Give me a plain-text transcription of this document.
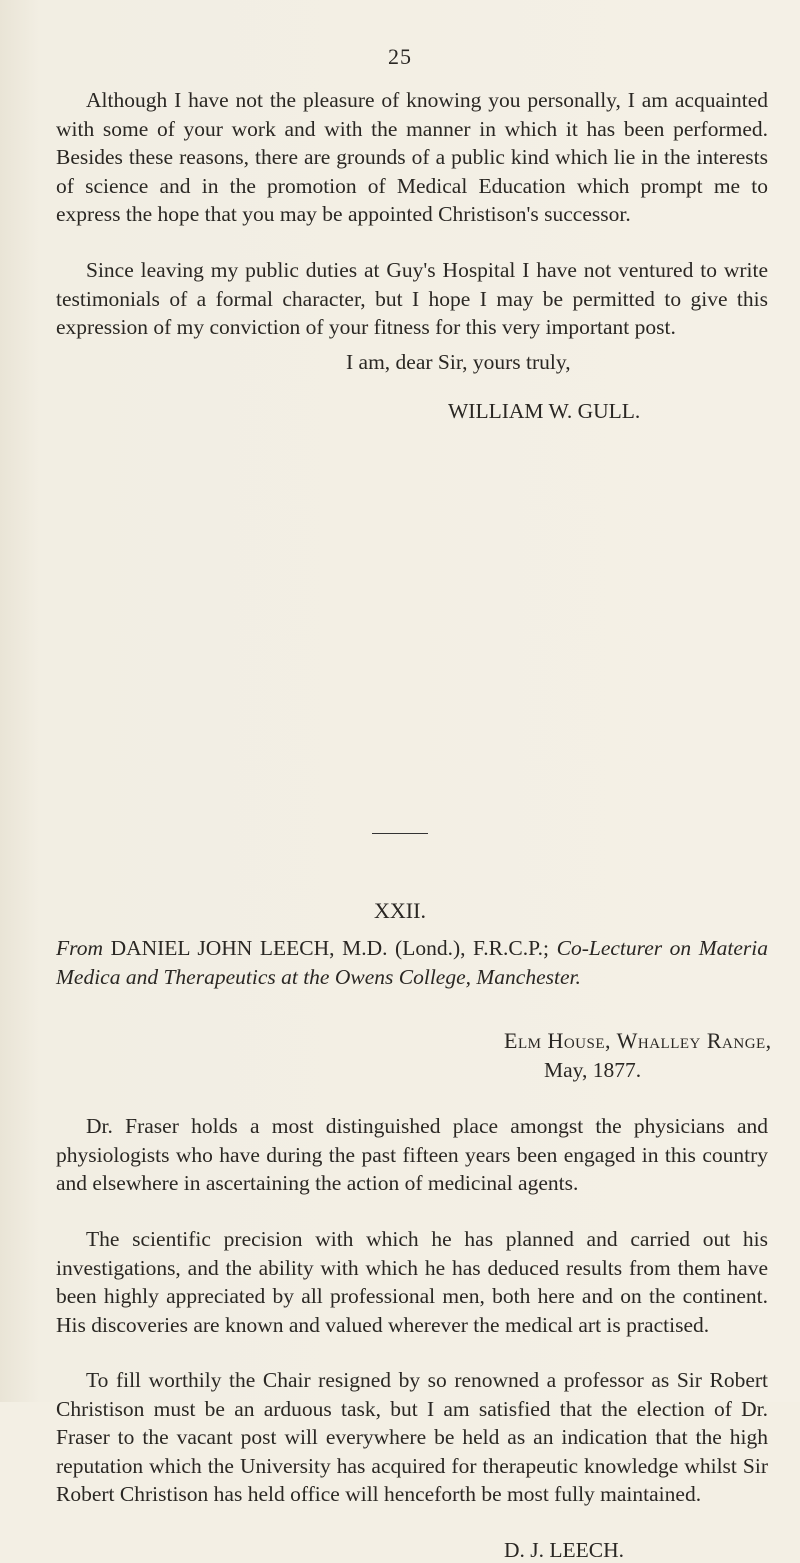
25

Although I have not the pleasure of knowing you personally, I am acquainted with some of your work and with the manner in which it has been performed. Besides these reasons, there are grounds of a public kind which lie in the interests of science and in the promotion of Medical Education which prompt me to express the hope that you may be appointed Christison's successor.

Since leaving my public duties at Guy's Hospital I have not ventured to write testimonials of a formal character, but I hope I may be permitted to give this expression of my conviction of your fitness for this very important post.

I am, dear Sir, yours truly,
WILLIAM W. GULL.
XXII.
From DANIEL JOHN LEECH, M.D. (Lond.), F.R.C.P.; Co-Lecturer on Materia Medica and Therapeutics at the Owens College, Manchester.
Elm House, Whalley Range,
May, 1877.

Dr. Fraser holds a most distinguished place amongst the physicians and physiologists who have during the past fifteen years been engaged in this country and elsewhere in ascertaining the action of medicinal agents.

The scientific precision with which he has planned and carried out his investigations, and the ability with which he has deduced results from them have been highly appreciated by all professional men, both here and on the continent. His discoveries are known and valued wherever the medical art is practised.

To fill worthily the Chair resigned by so renowned a professor as Sir Robert Christison must be an arduous task, but I am satisfied that the election of Dr. Fraser to the vacant post will everywhere be held as an indication that the high reputation which the University has acquired for therapeutic knowledge whilst Sir Robert Christison has held office will henceforth be most fully maintained.

D. J. LEECH.
